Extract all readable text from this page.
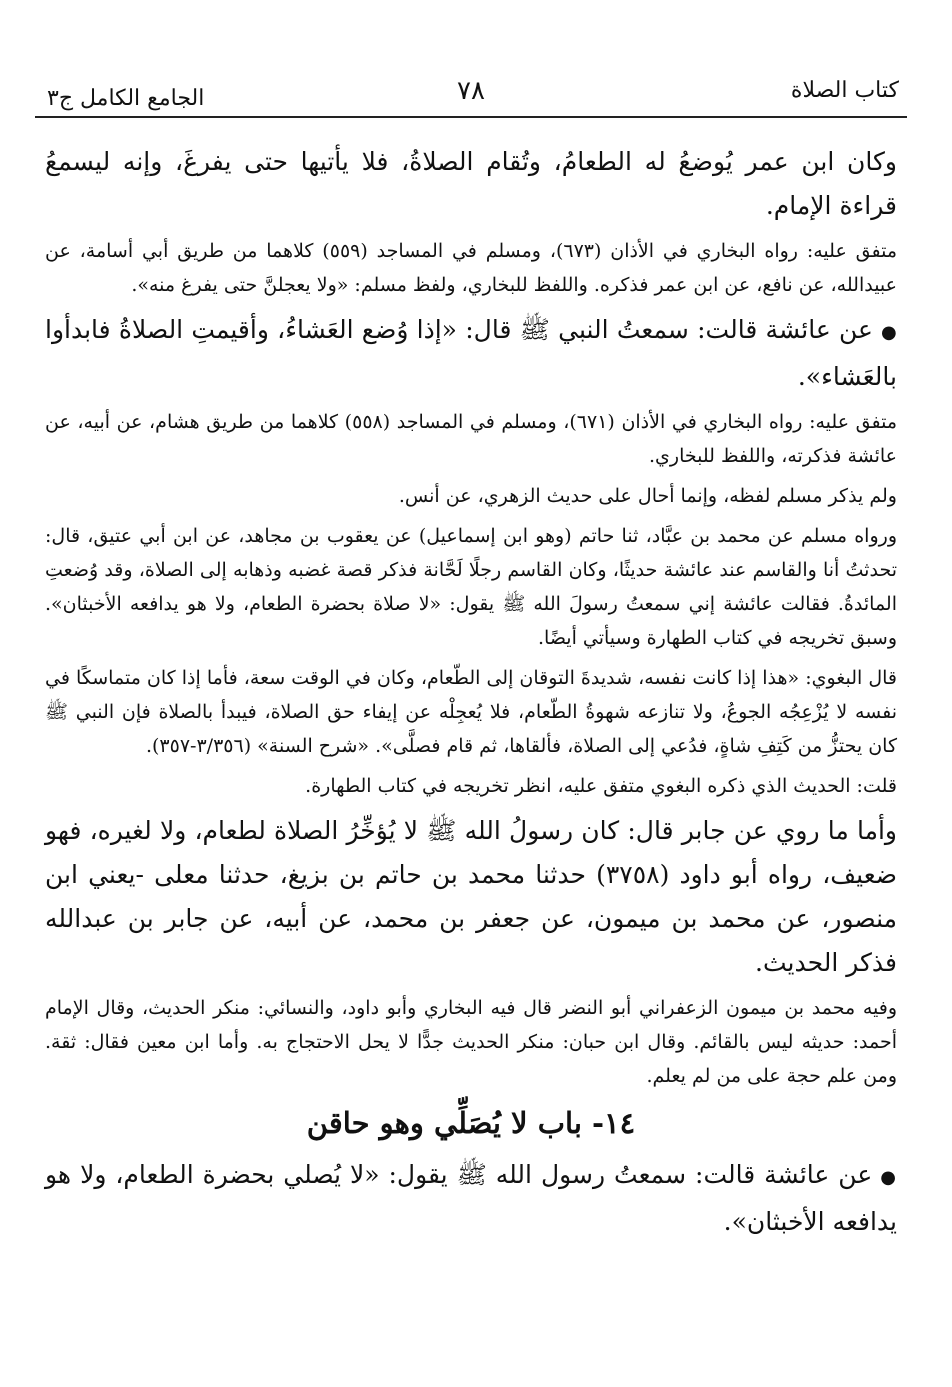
كتاب الصلاة
٧٨
الجامع الكامل ج٣

وكان ابن عمر يُوضعُ له الطعامُ، وتُقام الصلاةُ، فلا يأتيها حتى يفرغَ، وإنه ليسمعُ قراءة الإمام.

متفق عليه: رواه البخاري في الأذان (٦٧٣)، ومسلم في المساجد (٥٥٩) كلاهما من طريق أبي أسامة، عن عبيدالله، عن نافع، عن ابن عمر فذكره. واللفظ للبخاري، ولفظ مسلم: «ولا يعجلنَّ حتى يفرغ منه».

●عن عائشة قالت: سمعتُ النبي ﷺ قال: «إذا وُضع العَشاءُ، وأقيمتِ الصلاةُ فابدأوا بالعَشاء».

متفق عليه: رواه البخاري في الأذان (٦٧١)، ومسلم في المساجد (٥٥٨) كلاهما من طريق هشام، عن أبيه، عن عائشة فذكرته، واللفظ للبخاري.

ولم يذكر مسلم لفظه، وإنما أحال على حديث الزهري، عن أنس.

ورواه مسلم عن محمد بن عبَّاد، ثنا حاتم (وهو ابن إسماعيل) عن يعقوب بن مجاهد، عن ابن أبي عتيق، قال: تحدثتُ أنا والقاسم عند عائشة حديثًا، وكان القاسم رجلًا لَحَّانة فذكر قصة غضبه وذهابه إلى الصلاة، وقد وُضعتِ المائدةُ. فقالت عائشة إني سمعتُ رسولَ الله ﷺ يقول: «لا صلاة بحضرة الطعام، ولا هو يدافعه الأخبثان». وسبق تخريجه في كتاب الطهارة وسيأتي أيضًا.

قال البغوي: «هذا إذا كانت نفسه، شديدةَ التوقان إلى الطّعام، وكان في الوقت سعة، فأما إذا كان متماسكًا في نفسه لا يُزْعِجُه الجوعُ، ولا تنازعه شهوةُ الطّعام، فلا يُعجِلْه عن إيفاء حق الصلاة، فيبدأ بالصلاة فإن النبي ﷺ كان يحتزُّ من كَتِفِ شاةٍ، فدُعي إلى الصلاة، فألقاها، ثم قام فصلَّى». «شرح السنة» (٣/٣٥٦-٣٥٧).

قلت: الحديث الذي ذكره البغوي متفق عليه، انظر تخريجه في كتاب الطهارة.

وأما ما روي عن جابر قال: كان رسولُ الله ﷺ لا يُؤخِّرُ الصلاة لطعام، ولا لغيره، فهو ضعيف، رواه أبو داود (٣٧٥٨) حدثنا محمد بن حاتم بن بزيغ، حدثنا معلى -يعني ابن منصور، عن محمد بن ميمون، عن جعفر بن محمد، عن أبيه، عن جابر بن عبدالله فذكر الحديث.

وفيه محمد بن ميمون الزعفراني أبو النضر قال فيه البخاري وأبو داود، والنسائي: منكر الحديث، وقال الإمام أحمد: حديثه ليس بالقائم. وقال ابن حبان: منكر الحديث جدًّا لا يحل الاحتجاج به. وأما ابن معين فقال: ثقة. ومن علم حجة على من لم يعلم.

١٤- باب لا يُصَلِّي وهو حاقن

●عن عائشة قالت: سمعتُ رسول الله ﷺ يقول: «لا يُصلي بحضرة الطعام، ولا هو يدافعه الأخبثان».
